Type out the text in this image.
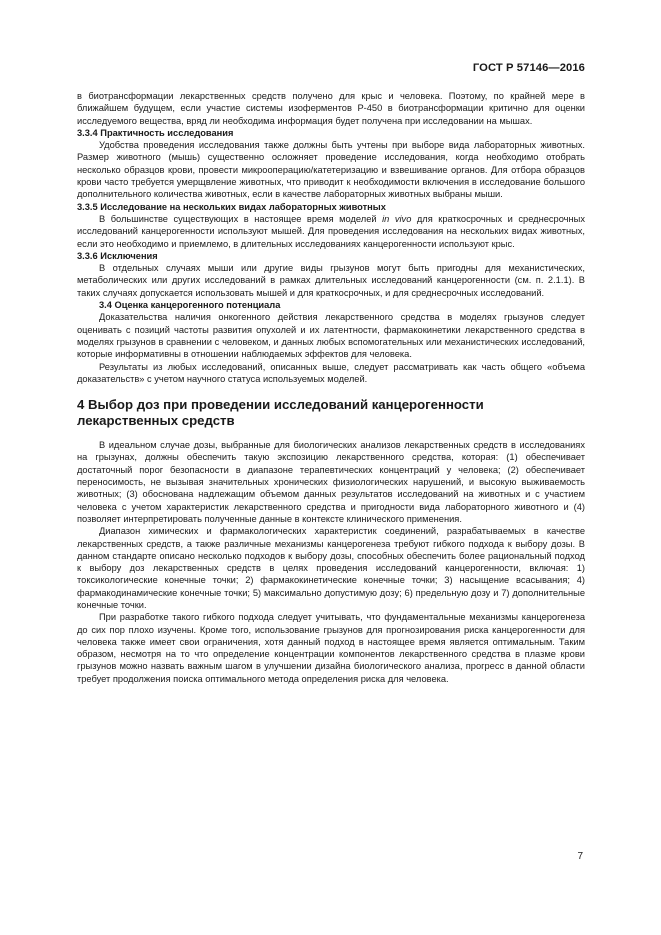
ГОСТ Р 57146—2016

в биотрансформации лекарственных средств получено для крыс и человека. Поэтому, по крайней мере в ближайшем будущем, если участие системы изоферментов Р-450 в биотрансформации критично для оценки исследуемого вещества, вряд ли необходима информация будет получена при исследовании на мышах.

3.3.4 Практичность исследования

Удобства проведения исследования также должны быть учтены при выборе вида лабораторных животных. Размер животного (мышь) существенно осложняет проведение исследования, когда необходимо отобрать несколько образцов крови, провести микрооперацию/катетеризацию и взвешивание органов. Для отбора образцов крови часто требуется умерщвление животных, что приводит к необходимости включения в исследование большого дополнительного количества животных, если в качестве лабораторных животных выбраны мыши.

3.3.5 Исследование на нескольких видах лабораторных животных

В большинстве существующих в настоящее время моделей in vivo для краткосрочных и среднесрочных исследований канцерогенности используют мышей. Для проведения исследования на нескольких видах животных, если это необходимо и приемлемо, в длительных исследованиях канцерогенности используют крыс.

3.3.6 Исключения

В отдельных случаях мыши или другие виды грызунов могут быть пригодны для механистических, метаболических или других исследований в рамках длительных исследований канцерогенности (см. п. 2.1.1). В таких случаях допускается использовать мышей и для краткосрочных, и для среднесрочных исследований.

3.4 Оценка канцерогенного потенциала

Доказательства наличия онкогенного действия лекарственного средства в моделях грызунов следует оценивать с позиций частоты развития опухолей и их латентности, фармакокинетики лекарственного средства в моделях грызунов в сравнении с человеком, и данных любых вспомогательных или механистических исследований, которые информативны в отношении наблюдаемых эффектов для человека.

Результаты из любых исследований, описанных выше, следует рассматривать как часть общего «объема доказательств» с учетом научного статуса используемых моделей.

4 Выбор доз при проведении исследований канцерогенности
лекарственных средств

В идеальном случае дозы, выбранные для биологических анализов лекарственных средств в исследованиях на грызунах, должны обеспечить такую экспозицию лекарственного средства, которая: (1) обеспечивает достаточный порог безопасности в диапазоне терапевтических концентраций у человека; (2) обеспечивает переносимость, не вызывая значительных хронических физиологических нарушений, и высокую выживаемость животных; (3) обоснована надлежащим объемом данных результатов исследований на животных и с участием человека с учетом характеристик лекарственного средства и пригодности вида лабораторного животного и (4) позволяет интерпретировать полученные данные в контексте клинического применения.

Диапазон химических и фармакологических характеристик соединений, разрабатываемых в качестве лекарственных средств, а также различные механизмы канцерогенеза требуют гибкого подхода к выбору дозы. В данном стандарте описано несколько подходов к выбору дозы, способных обеспечить более рациональный подход к выбору доз лекарственных средств в целях проведения исследований канцерогенности, включая: 1) токсикологические конечные точки; 2) фармакокинетические конечные точки; 3) насыщение всасывания; 4) фармакодинамические конечные точки; 5) максимально допустимую дозу; 6) предельную дозу и 7) дополнительные конечные точки.

При разработке такого гибкого подхода следует учитывать, что фундаментальные механизмы канцерогенеза до сих пор плохо изучены. Кроме того, использование грызунов для прогнозирования риска канцерогенности для человека также имеет свои ограничения, хотя данный подход в настоящее время является оптимальным. Таким образом, несмотря на то что определение концентрации компонентов лекарственного средства в плазме крови грызунов можно назвать важным шагом в улучшении дизайна биологического анализа, прогресс в данной области требует продолжения поиска оптимального метода определения риска для человека.

7
